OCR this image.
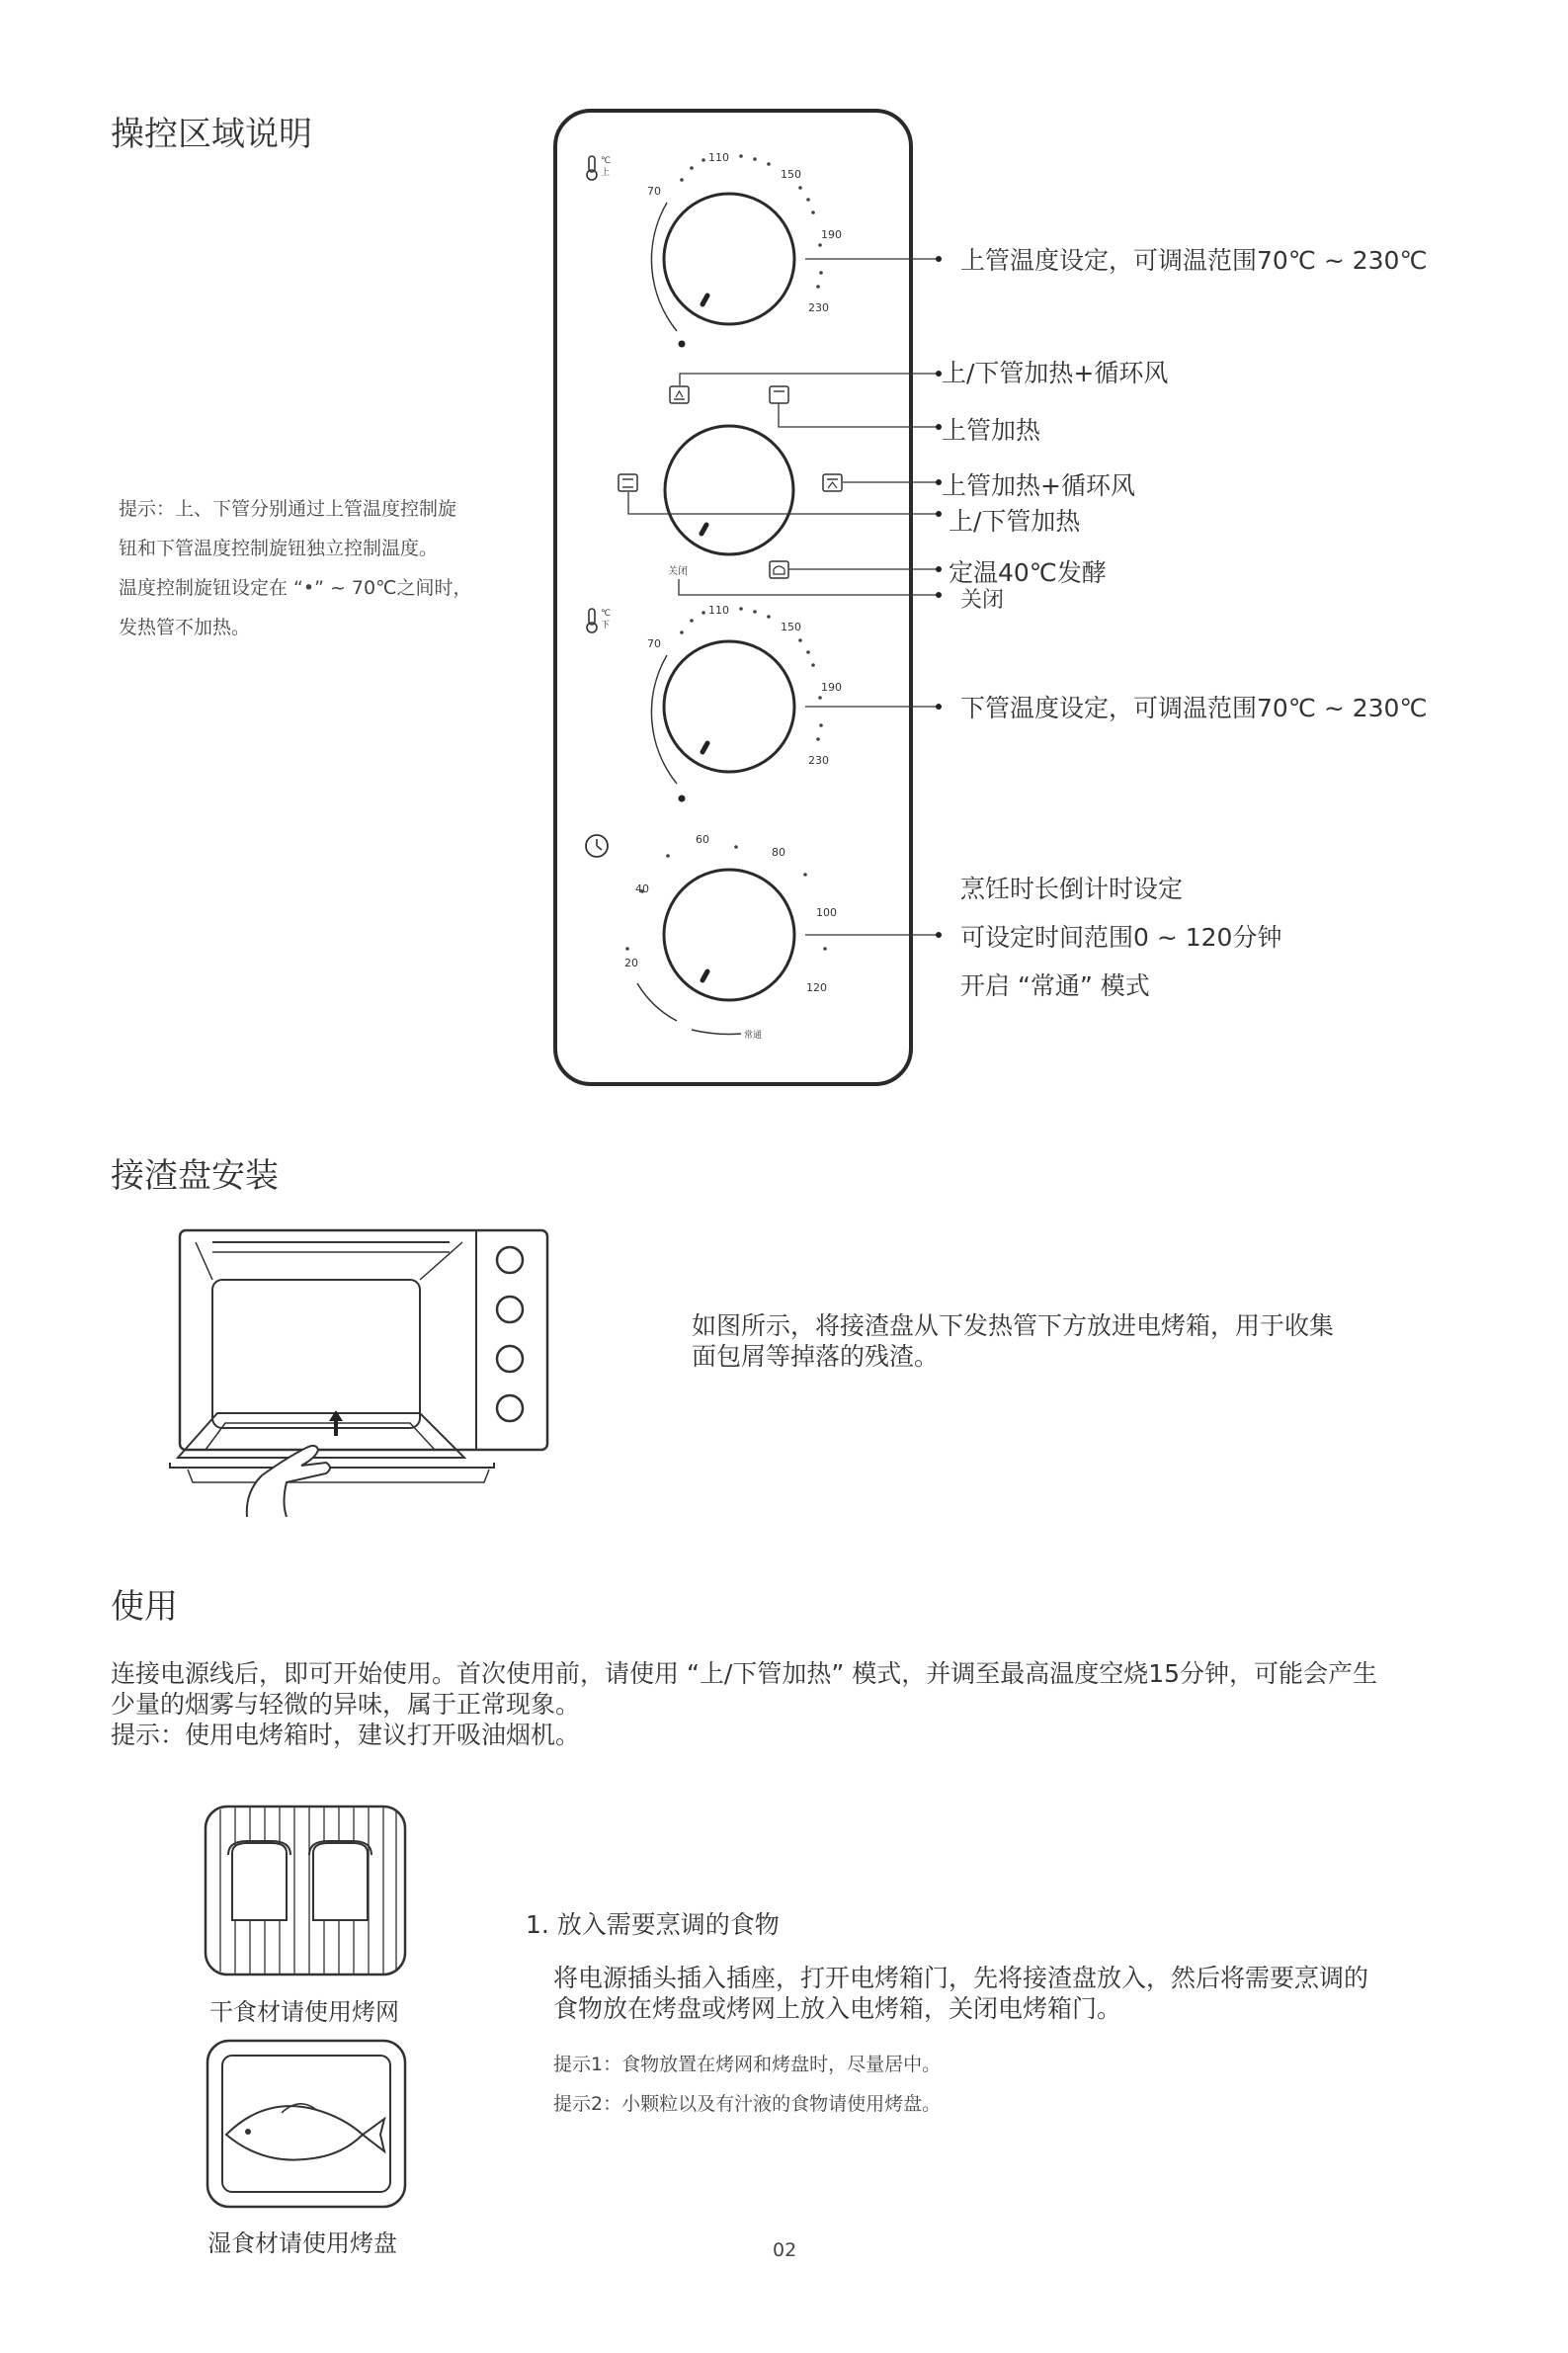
操控区域说明
提示：上、下管分别通过上管温度控制旋
钮和下管温度控制旋钮独立控制温度。
温度控制旋钮设定在 “•” ~ 70℃之间时，
发热管不加热。
℃
上
70
110
150
190
230
关闭
℃
下
70
110
150
190
230
常通
20
40
60
80
100
120
上管温度设定，可调温范围70℃ ~ 230℃
上/下管加热+循环风
上管加热
上管加热+循环风
上/下管加热
定温40℃发酵
关闭
下管温度设定，可调温范围70℃ ~ 230℃
烹饪时长倒计时设定
可设定时间范围0 ~ 120分钟
开启 “常通” 模式
接渣盘安装
如图所示，将接渣盘从下发热管下方放进电烤箱，用于收集
面包屑等掉落的残渣。
使用
连接电源线后，即可开始使用。首次使用前，请使用 “上/下管加热” 模式，并调至最高温度空烧15分钟，可能会产生
少量的烟雾与轻微的异味，属于正常现象。
提示：使用电烤箱时，建议打开吸油烟机。
干食材请使用烤网
湿食材请使用烤盘
1. 放入需要烹调的食物
将电源插头插入插座，打开电烤箱门，先将接渣盘放入，然后将需要烹调的
食物放在烤盘或烤网上放入电烤箱，关闭电烤箱门。
提示1：食物放置在烤网和烤盘时，尽量居中。
提示2：小颗粒以及有汁液的食物请使用烤盘。
02
